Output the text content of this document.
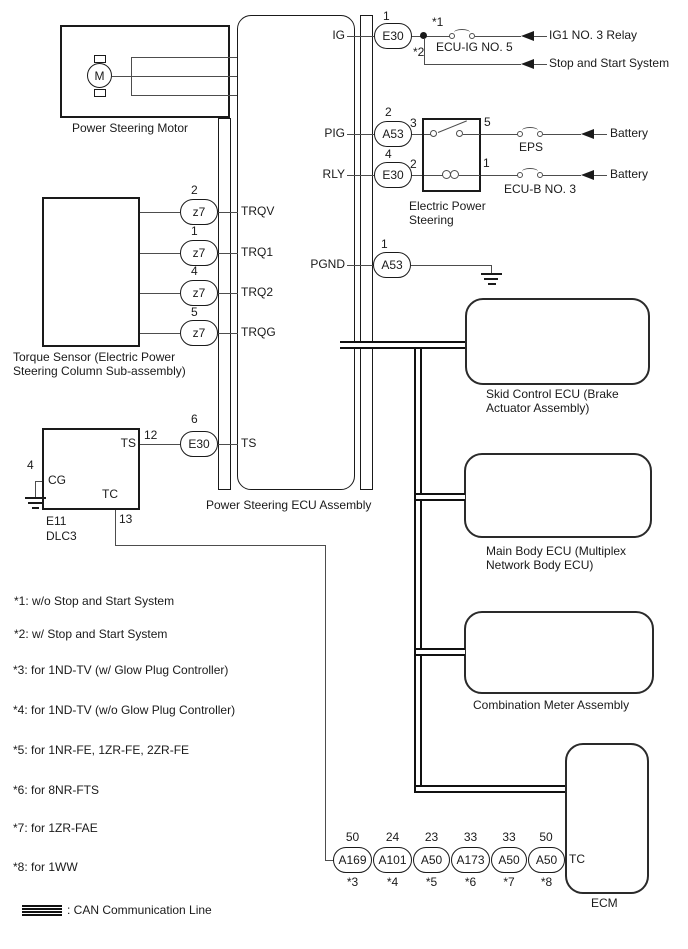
Power Steering ECU Assembly
M
Power Steering Motor
IG
1
E30
*1
ECU-IG NO. 5
IG1 NO. 3 Relay
*2
Stop and Start System
PIG
2
A53
3
RLY
4
E30
2
Electric Power
Steering
5
EPS
Battery
1
ECU-B NO. 3
Battery
PGND
1
A53
Torque Sensor (Electric Power
Steering Column Sub-assembly)
2
z7	TRQV
1
z7	TRQ1
4
z7	TRQ2
5
z7	TRQG
TS
12
CG
4
TC
13
E11
DLC3
6
E30	TS
Skid Control ECU (Brake
Actuator Assembly)
Main Body ECU (Multiplex
Network Body ECU)
Combination Meter Assembly
TC
ECM
50	24	23	33	33	50
A169 A101	A50	A173	A50	A50
*3	*4	*5	*6	*7	*8
*1: w/o Stop and Start System
*2: w/ Stop and Start System
*3: for 1ND-TV (w/ Glow Plug Controller)
*4: for 1ND-TV (w/o Glow Plug Controller)
*5: for 1NR-FE, 1ZR-FE, 2ZR-FE
*6: for 8NR-FTS
*7: for 1ZR-FAE
*8: for 1WW
: CAN Communication Line
